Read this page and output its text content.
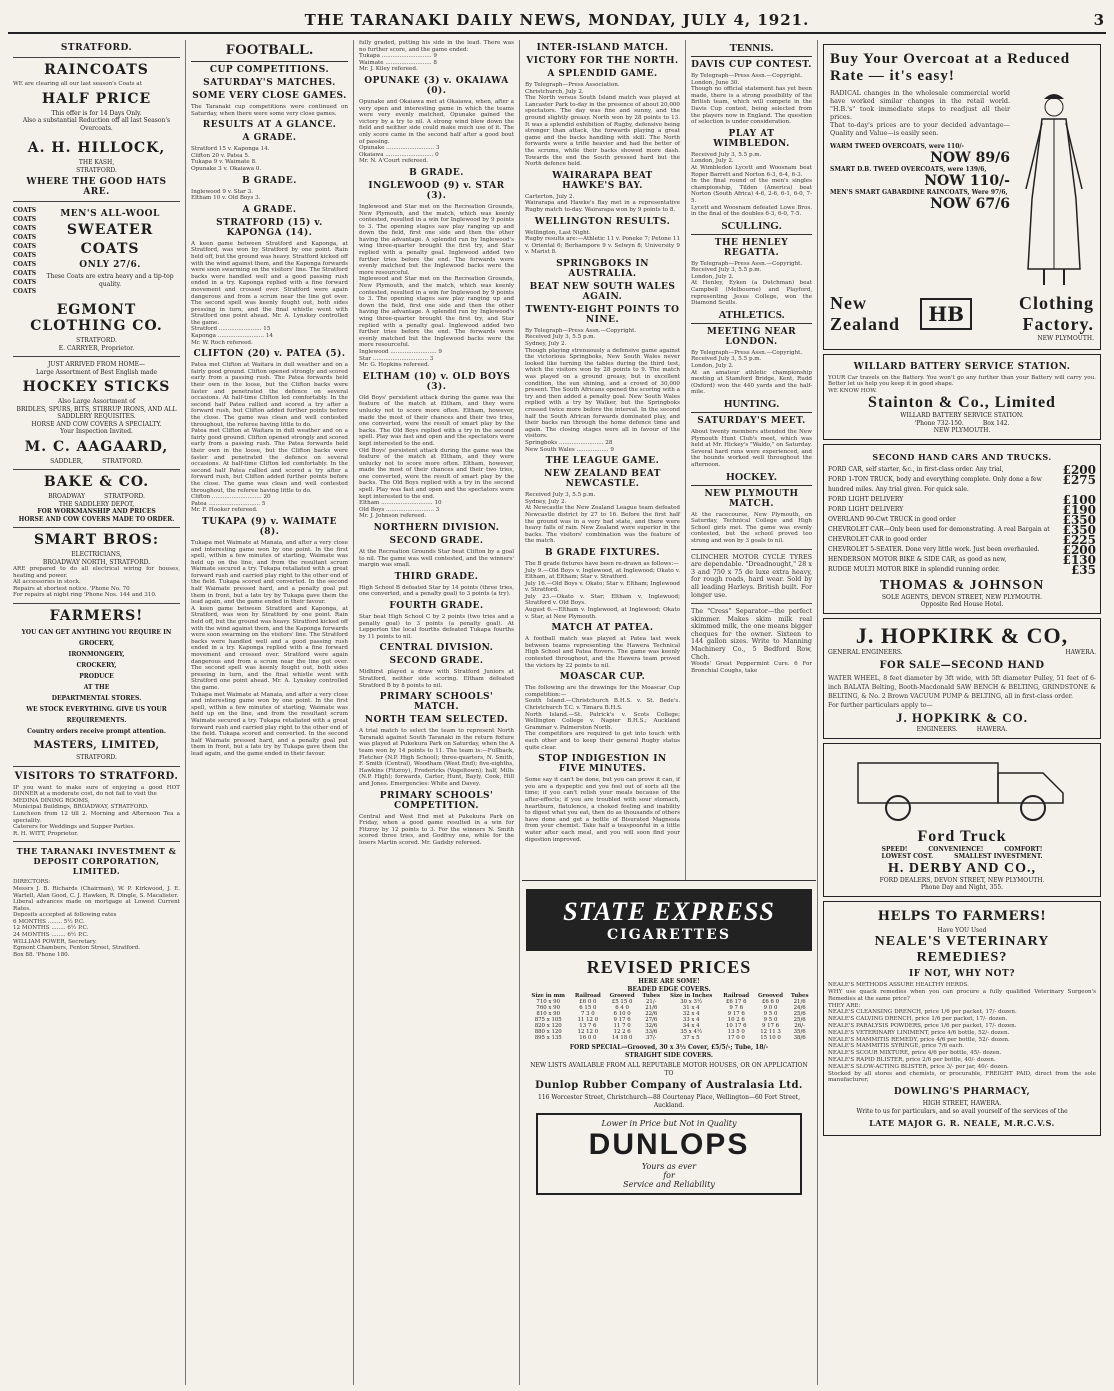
THE TARANAKI DAILY NEWS, MONDAY, JULY 4, 1921.	3
STRATFORD.
RAINCOATS
WE are clearing all our last season's Coats at
HALF PRICE
This offer is for 14 Days Only.
Also a substantial Reduction off all last Season's Overcoats.
A. H. HILLOCK,
THE KASH,
STRATFORD.
WHERE THE GOOD HATS ARE.
COATS
COATS
COATS
COATS
COATS
COATS
COATS
COATS
COATS
COATS
MEN'S ALL-WOOL
SWEATER
COATS
ONLY 27/6.
These Coats are extra heavy and a tip-top quality.
EGMONT CLOTHING CO.
STRATFORD.
E. CARRYER, Proprietor.
JUST ARRIVED FROM HOME—
Large Assortment of Best English made
HOCKEY STICKS
Also Large Assortment of
BRIDLES, SPURS, BITS, STIRRUP IRONS, AND ALL SADDLERY REQUISITES.
HORSE AND COW COVERS A SPECIALTY.
Your Inspection Invited.
M. C. AAGAARD,
SADDLER,          STRATFORD.
BAKE & CO.
BROADWAY          STRATFORD.
THE SADDLERY DEPOT,
FOR WORKMANSHIP AND PRICES
HORSE AND COW COVERS MADE TO ORDER.
SMART BROS:
ELECTRICIANS,
BROADWAY NORTH, STRATFORD.
ARE prepared to do all electrical wiring for houses, heating and power.
All accessories in stock.
Repairs at shortest notice. 'Phone No. 70
For repairs at night ring 'Phone Nos. 144 and 310.
FARMERS!
YOU CAN GET ANYTHING YOU REQUIRE IN
GROCERY,
IRONMONGERY,
CROCKERY,
PRODUCE
AT THE
DEPARTMENTAL STORES.
WE STOCK EVERYTHING. GIVE US YOUR REQUIREMENTS.
Country orders receive prompt attention.
MASTERS, LIMITED,
STRATFORD.
VISITORS TO STRATFORD.
IF you want to make sure of enjoying a good HOT DINNER at a moderate cost, do not fail to visit the
MEDINA DINING ROOMS,
Municipal Buildings, BROADWAY, STRATFORD.
Luncheon from 12 till 2. Morning and Afternoon Tea a speciality.
Caterers for Weddings and Supper Parties.
R. H. WITT, Proprietor.
THE TARANAKI INVESTMENT & DEPOSIT CORPORATION, LIMITED.
DIRECTORS:
Messrs J. B. Richards (Chairman), W. P. Kirkwood, J. E. Wartell, Alan Good, C. J. Hawken, R. Dingle, S. Macalister.
Liberal advances made on mortgage at Lowest Current Rates.
Deposits accepted at following rates
6 MONTHS ........ 5½ P.C.
12 MONTHS ........ 6½ P.C.
24 MONTHS ........ 6½ P.C.
WILLIAM POWER, Secretary.
Egmont Chambers, Fenton Street, Stratford.
Box 88. 'Phone 180.
FOOTBALL.
CUP COMPETITIONS.
SATURDAY'S MATCHES.
SOME VERY CLOSE GAMES.
The Taranaki cup competitions were continued on Saturday, when there were some very close games.
RESULTS AT A GLANCE.
A GRADE.
Stratford 15 v. Kaponga 14.
Clifton 20 v. Patea 5.
Tukapa 9 v. Waimate 8.
Opunake 3 v. Okaiawa 0.
B GRADE.
Inglewood 9 v. Star 3.
Eltham 10 v. Old Boys 3.
A GRADE.
STRATFORD (15) v. KAPONGA (14).
A keen game between Stratford and Kaponga, at Stratford, was won by Stratford by one point. Rain held off, but the ground was heavy. Stratford kicked off with the wind against them, and the Kaponga forwards were soon swarming on the visitors' line. The Stratford backs were handled well and a good passing rush ended in a try. Kaponga replied with a fine forward movement and crossed over. Stratford were again dangerous and from a scrum near the line got over. The second spell was keenly fought out, both sides pressing in turn, and the final whistle went with Stratford one point ahead. Mr. A. Lynskey controlled the game.
Stratford ........................ 15
Kaponga .......................... 14
Mr. W. Roch refereed.
CLIFTON (20) v. PATEA (5).
Patea met Clifton at Waitara in dull weather and on a fairly good ground. Clifton opened strongly and scored early from a passing rush. The Patea forwards held their own in the loose, but the Clifton backs were faster and penetrated the defence on several occasions. At half-time Clifton led comfortably. In the second half Patea rallied and scored a try after a forward rush, but Clifton added further points before the close. The game was clean and well contested throughout, the referee having little to do.
Patea met Clifton at Waitara in dull weather and on a fairly good ground. Clifton opened strongly and scored early from a passing rush. The Patea forwards held their own in the loose, but the Clifton backs were faster and penetrated the defence on several occasions. At half-time Clifton led comfortably. In the second half Patea rallied and scored a try after a forward rush, but Clifton added further points before the close. The game was clean and well contested throughout, the referee having little to do.
Clifton ............................ 20
Patea ............................. 5
Mr. F. Hooker refereed.
TUKAPA (9) v. WAIMATE (8).
Tukapa met Waimate at Manaia, and after a very close and interesting game won by one point. In the first spell, within a few minutes of starting, Waimate was held up on the line, and from the resultant scrum Waimate secured a try. Tukapa retaliated with a great forward rush and carried play right to the other end of the field. Tukapa scored and converted. In the second half Waimate pressed hard, and a penalty goal put them in front, but a late try by Tukapa gave them the lead again, and the game ended in their favour.
A keen game between Stratford and Kaponga, at Stratford, was won by Stratford by one point. Rain held off, but the ground was heavy. Stratford kicked off with the wind against them, and the Kaponga forwards were soon swarming on the visitors' line. The Stratford backs were handled well and a good passing rush ended in a try. Kaponga replied with a fine forward movement and crossed over. Stratford were again dangerous and from a scrum near the line got over. The second spell was keenly fought out, both sides pressing in turn, and the final whistle went with Stratford one point ahead. Mr. A. Lynskey controlled the game.
Tukapa met Waimate at Manaia, and after a very close and interesting game won by one point. In the first spell, within a few minutes of starting, Waimate was held up on the line, and from the resultant scrum Waimate secured a try. Tukapa retaliated with a great forward rush and carried play right to the other end of the field. Tukapa scored and converted. In the second half Waimate pressed hard, and a penalty goal put them in front, but a late try by Tukapa gave them the lead again, and the game ended in their favour.
fully graded, putting his side in the lead. There was no further score, and the game ended:
Tukapa ............................ 9
Waimate .......................... 8
Mr. J. Kiley refereed.
OPUNAKE (3) v. OKAIAWA (0).
Opunake and Okaiawa met at Okaiawa, when, after a very open and interesting game in which the teams were very evenly matched, Opunake gained the victory by a try to nil. A strong wind blew down the field and neither side could make much use of it. The only score came in the second half after a good bout of passing.
Opunake ........................... 3
Okaiawa ........................... 0
Mr. N. A'Court refereed.
B GRADE.
INGLEWOOD (9) v. STAR (3).
Inglewood and Star met on the Recreation Grounds, New Plymouth, and the match, which was keenly contested, resulted in a win for Inglewood by 9 points to 3. The opening stages saw play ranging up and down the field, first one side and then the other having the advantage. A splendid run by Inglewood's wing three-quarter brought the first try, and Star replied with a penalty goal. Inglewood added two further tries before the end. The forwards were evenly matched but the Inglewood backs were the more resourceful.
Inglewood and Star met on the Recreation Grounds, New Plymouth, and the match, which was keenly contested, resulted in a win for Inglewood by 9 points to 3. The opening stages saw play ranging up and down the field, first one side and then the other having the advantage. A splendid run by Inglewood's wing three-quarter brought the first try, and Star replied with a penalty goal. Inglewood added two further tries before the end. The forwards were evenly matched but the Inglewood backs were the more resourceful.
Inglewood .......................... 9
Star ............................... 3
Mr. G. Hopkins refereed.
ELTHAM (10) v. OLD BOYS (3).
Old Boys' persistent attack during the game was the feature of the match at Eltham, and they were unlucky not to score more often. Eltham, however, made the most of their chances and their two tries, one converted, were the result of smart play by the backs. The Old Boys replied with a try in the second spell. Play was fast and open and the spectators were kept interested to the end.
Old Boys' persistent attack during the game was the feature of the match at Eltham, and they were unlucky not to score more often. Eltham, however, made the most of their chances and their two tries, one converted, were the result of smart play by the backs. The Old Boys replied with a try in the second spell. Play was fast and open and the spectators were kept interested to the end.
Eltham ............................. 10
Old Boys ........................... 3
Mr. J. Johnson refereed.
NORTHERN DIVISION.
SECOND GRADE.
At the Recreation Grounds Star beat Clifton by a goal to nil. The game was well contested, and the winners' margin was small.
THIRD GRADE.
High School B defeated Star by 14 points (three tries, one converted, and a penalty goal) to 3 points (a try).
FOURTH GRADE.
Star beat High School C by 2 points (two tries and a penalty goal) to 3 points (a penalty goal). At Lepperton the local fourths defeated Tukapa fourths by 11 points to nil.
CENTRAL DIVISION.
SECOND GRADE.
Midhirst played a draw with Stratford Juniors at Stratford, neither side scoring. Eltham defeated Stratford B by 8 points to nil.
PRIMARY SCHOOLS' MATCH.
NORTH TEAM SELECTED.
A trial match to select the team to represent North Taranaki against South Taranaki in the return fixture was played at Pukekura Park on Saturday, when the A team won by 14 points to 11. The team is:—Fullback, Fletcher (N.P. High School); three-quarters, N. Smith, F. Smith (Central), Woodham (West End); five-eighths, Hawkins (Fitzroy), Fredericks (Vogeltown); half, Mills (N.P. High); forwards, Carter, Hunt, Bayly, Cook, Hill and Jones. Emergencies: White and Davey.
PRIMARY SCHOOLS' COMPETITION.
Central and West End met at Pukekura Park on Friday, when a good game resulted in a win for Fitzroy by 12 points to 3. For the winners N. Smith scored three tries, and Godfrey one, while for the losers Martin scored. Mr. Gadsby refereed.
INTER-ISLAND MATCH.
VICTORY FOR THE NORTH.
A SPLENDID GAME.
By Telegraph—Press Association.
Christchurch, July 2.
The North versus South Island match was played at Lancaster Park to-day in the presence of about 20,000 spectators. The day was fine and sunny, and the ground slightly greasy. North won by 28 points to 13. It was a splendid exhibition of Rugby, defensive being stronger than attack, the forwards playing a great game and the backs handling with skill. The North forwards were a trifle heavier and had the better of the scrums, while their backs showed more dash. Towards the end the South pressed hard but the North defence held.
WAIRARAPA BEAT HAWKE'S BAY.
Carterton, July 2.
Wairarapa and Hawke's Bay met in a representative Rugby match to-day. Wairarapa won by 9 points to 8.
WELLINGTON RESULTS.
Wellington, Last Night.
Rugby results are:—Athletic 11 v. Poneke 7; Petone 11 v. Oriental 6; Berhampore 9 v. Selwyn 8; University 9 v. Marist 8.
SPRINGBOKS IN AUSTRALIA.
BEAT NEW SOUTH WALES AGAIN.
TWENTY-EIGHT POINTS TO NINE.
By Telegraph—Press Assn.—Copyright.
Received July 3, 5.5 p.m.
Sydney, July 2.
Though playing strenuously a defensive game against the victorious Springboks, New South Wales never looked like turning the tables during the third test, which the visitors won by 28 points to 9. The match was played on a ground greasy, but in excellent condition, the sun shining, and a crowd of 30,000 present. The South Africans opened the scoring with a try and then added a penalty goal. New South Wales replied with a try by Walker, but the Springboks crossed twice more before the interval. In the second half the South African forwards dominated play, and their backs ran through the home defence time and again. The closing stages were all in favour of the visitors.
Springboks ......................... 28
New South Wales .................. 9
THE LEAGUE GAME.
NEW ZEALAND BEAT NEWCASTLE.
Received July 3, 5.5 p.m.
Sydney, July 2.
At Newcastle the New Zealand League team defeated Newcastle district by 27 to 16. Before the first half the ground was in a very bad state, and there were heavy falls of rain. New Zealand were superior in the backs. The visitors' combination was the feature of the match.
B GRADE FIXTURES.
The B grade fixtures have been re-drawn as follows:—
July 9.—Old Boys v. Inglewood, at Inglewood; Okato v. Eltham, at Eltham; Star v. Stratford.
July 16.—Old Boys v. Okato; Star v. Eltham; Inglewood v. Stratford.
July 23.—Okato v. Star; Eltham v. Inglewood; Stratford v. Old Boys.
August 6.—Eltham v. Inglewood, at Inglewood; Okato v. Star, at New Plymouth.
MATCH AT PATEA.
A football match was played at Patea last week between teams representing the Hawera Technical High School and Patea Rovers. The game was keenly contested throughout, and the Hawera team proved the victors by 22 points to nil.
MOASCAR CUP.
The following are the drawings for the Moascar Cup competition:—
South Island.—Christchurch B.H.S. v. St. Bede's. Christchurch T.C. v. Timaru B.H.S.
North Island.—St. Patrick's v. Scots College; Wellington College v. Napier B.H.S.; Auckland Grammar v. Palmerston North.
The competitors are required to get into touch with each other and to keep their general Rugby status quite clear.
STOP INDIGESTION IN FIVE MINUTES.
Some say it can't be done, but you can prove it can, if you are a dyspeptic and you feel out of sorts all the time; if you can't relish your meals because of the after-effects; if you are troubled with sour stomach, heartburn, flatulence, a choked feeling and inability to digest what you eat, then do as thousands of others have done and get a bottle of Bisurated Magnesia from your chemist. Take half a teaspoonful in a little water after each meal, and you will soon find your digestion improved.
TENNIS.
DAVIS CUP CONTEST.
By Telegraph—Press Assn.—Copyright.
London, June 30.
Though no official statement has yet been made, there is a strong possibility of the British team, which will compete in the Davis Cup contest, being selected from the players now in England. The question of selection is under consideration.
PLAY AT WIMBLEDON.
Received July 3, 5.5 p.m.
London, July 2.
At Wimbledon Lycett and Woosnam beat Roper Barrett and Norton 6-3, 6-4, 6-3.
In the final round of the men's singles championship, Tilden (America) beat Norton (South Africa) 4-6, 2-6, 6-1, 6-0, 7-5.
Lycett and Woosnam defeated Lowe Bros. in the final of the doubles 6-3, 6-0, 7-5.
SCULLING.
THE HENLEY REGATTA.
By Telegraph—Press Assn.—Copyright.
Received July 3, 5.5 p.m.
London, July 2.
At Henley, Eyken (a Dutchman) beat Campbell (Melbourne) and Playford, representing Jesus College, won the Diamond Sculls.
ATHLETICS.
MEETING NEAR LONDON.
By Telegraph—Press Assn.—Copyright.
Received July 3, 5.5 p.m.
London, July 2.
At an amateur athletic championship meeting at Stamford Bridge, Kent, Rudd (Oxford) won the 440 yards and the half-mile.
HUNTING.
SATURDAY'S MEET.
About twenty members attended the New Plymouth Hunt Club's meet, which was held at Mr. Hickey's "Waldo," on Saturday. Several hard runs were experienced, and the hounds worked well throughout the afternoon.
HOCKEY.
NEW PLYMOUTH MATCH.
At the racecourse, New Plymouth, on Saturday, Technical College and High School girls met. The game was evenly contested, but the school proved too strong and won by 3 goals to nil.
CLINCHER MOTOR CYCLE TYRES are dependable. "Dreadnought," 28 x 3 and 750 x 75 de luxe extra heavy, for rough roads, hard wear. Sold by all leading Harleys. British built. For longer use.
The "Cress" Separator—the perfect skimmer. Makes skim milk real skimmed milk, the one means bigger cheques for the owner. Sixteen to 144 gallon sizes. Write to Manning Machinery Co., 5 Bedford Row, Chch.
Woods' Great Peppermint Cure. 6 For Bronchial Coughs, take
STATE EXPRESS
CIGARETTES
REVISED PRICES
HERE ARE SOME!
BEADED EDGE COVERS.
Size in mm	Railroad	Grooved	Tubes	Size in Inches	Railroad	Grooved	Tubes
710 x 90	£6 0 0	£5 15 0	21/-	30 x 3½	£6 17 6	£6 6 0	21/6
760 x 90	6 15 0	6 4 0	21/6	31 x 4	9 7 6	9 0 0	24/6
810 x 90	7 3 0	6 10 0	22/6	32 x 4	9 17 6	9 5 0	25/6
875 x 105	11 12 0	9 17 6	27/6	33 x 4	10 2 6	9 5 0	25/6
820 x 120	13 7 6	11 7 0	32/6	34 x 4	10 17 6	9 17 6	26/-
880 x 120	12 12 0	12 2 6	33/6	35 x 4½	13 5 0	12 11 3	35/6
895 x 135	16 0 0	14 18 0	37/-	37 x 5	17 0 0	15 10 0	38/6
FORD SPECIAL—Grooved, 30 x 3½ Cover, £5/5/-; Tube, 18/-
STRAIGHT SIDE COVERS.
NEW LISTS AVAILABLE FROM ALL REPUTABLE MOTOR HOUSES, OR ON APPLICATION TO
Dunlop Rubber Company of Australasia Ltd.
116 Worcester Street, Christchurch—88 Courtenay Place, Wellington—60 Fort Street, Auckland.
Lower in Price but Not in Quality
DUNLOPS
Yours as ever
for
Service and Reliability
Buy Your Overcoat at a Reduced Rate — it's easy!
RADICAL changes in the wholesale commercial world have worked similar changes in the retail world. "H.B.'s" took immediate steps to readjust all their prices.
That to-day's prices are to your decided advantage—Quality and Value—is easily seen.
WARM TWEED OVERCOATS, were 110/-
NOW 89/6
SMART D.B. TWEED OVERCOATS, were 139/6,
NOW 110/-
MEN'S SMART GABARDINE RAINCOATS, Were 97/6,
NOW 67/6
New Zealand	HB	Clothing Factory.
NEW PLYMOUTH.
WILLARD BATTERY SERVICE STATION.
YOUR Car travels on the Battery. You won't go any further than your Battery will carry you. Better let us help you keep it in good shape.
WE KNOW HOW.
Stainton & Co., Limited
WILLARD BATTERY SERVICE STATION.
'Phone 732-150.          Box 142.
NEW PLYMOUTH.
SECOND HAND CARS AND TRUCKS.
FORD CAR, self starter, &c., in first-class order. Any trial,	£200
FORD 1-TON TRUCK, body and everything complete. Only done a few hundred miles. Any trial given. For quick sale.
£275
FORD LIGHT DELIVERY	£100
FORD LIGHT DELIVERY	£190
OVERLAND 90-Cwt TRUCK in good order	£350
CHEVROLET CAR—Only been used for demonstrating. A real Bargain at	£350
CHEVROLET CAR in good order	£225
CHEVROLET 5-SEATER. Done very little work. Just been overhauled.	£200
HENDERSON MOTOR BIKE & SIDE CAR, as good as new,	£130
RUDGE MULTI MOTOR BIKE in splendid running order.	£35
THOMAS & JOHNSON
SOLE AGENTS, DEVON STREET, NEW PLYMOUTH.
Opposite Red House Hotel.
J. HOPKIRK & CO,
GENERAL ENGINEERS.	HAWERA.
FOR SALE—SECOND HAND
WATER WHEEL, 8 feet diameter by 3ft wide, with 5ft diameter Pulley, 51 feet of 6-inch BALATA Belting, Booth-Macdonald SAW BENCH & BELTING, GRINDSTONE & BELTING, & No. 2 Brown VACUUM PUMP & BELTING, all in first-class order.
For further particulars apply to—
J. HOPKIRK & CO.
ENGINEERS.          HAWERA.
Ford Truck
SPEED!          CONVENIENCE!          COMFORT!
LOWEST COST.          SMALLEST INVESTMENT.
H. DERBY AND CO.,
FORD DEALERS, DEVON STREET, NEW PLYMOUTH.
Phone Day and Night, 355.
HELPS TO FARMERS!
Have YOU Used
NEALE'S VETERINARY REMEDIES?
IF NOT, WHY NOT?
NEALE'S METHODS ASSURE HEALTHY HERDS.
WHY use quack remedies when you can procure a fully qualified Veterinary Surgeon's Remedies at the same price?
THEY ARE:
NEALE'S CLEANSING DRENCH, price 1/6 per packet, 17/- dozen.
NEALE'S CALVING DRENCH, price 1/6 per packet, 17/- dozen.
NEALE'S PARALYSIS POWDERS, price 1/6 per packet, 17/- dozen.
NEALE'S VETERINARY LINIMENT, price 4/6 bottle, 52/- dozen.
NEALE'S MAMMITIS REMEDY, price 4/6 per bottle, 52/- dozen.
NEALE'S MAMMITIS SYRINGE, price 7/6 each.
NEALE'S SCOUR MIXTURE, price 4/6 per bottle, 45/- dozen.
NEALE'S RAPID BLISTER, price 2/6 per bottle, 40/- dozen.
NEALE'S SLOW-ACTING BLISTER, price 3/- per jar, 40/- dozen.
Stocked by all stores and chemists, or procurable, FREIGHT PAID, direct from the sole manufacturer;
DOWLING'S PHARMACY,
HIGH STREET, HAWERA.
Write to us for particulars, and so avail yourself of the services of the
LATE MAJOR G. R. NEALE, M.R.C.V.S.
